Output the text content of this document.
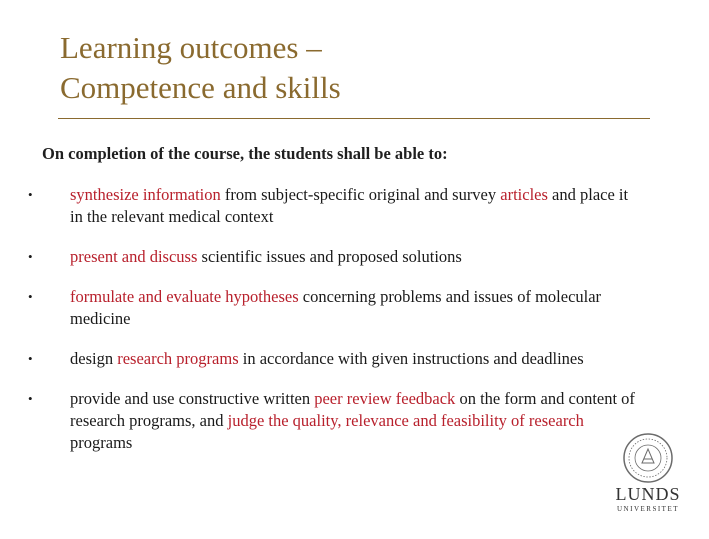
Learning outcomes –
Competence and skills
On completion of the course, the students shall be able to:
•	synthesize information from subject-specific original and survey articles and place it in the relevant medical context
•	present and discuss scientific issues and proposed solutions
•	formulate and evaluate hypotheses concerning problems and issues of molecular medicine
•	design research programs in accordance with given instructions and deadlines
•	provide and use constructive written peer review feedback on the form and content of research programs, and judge the quality, relevance and feasibility of research programs
LUNDS
UNIVERSITET
